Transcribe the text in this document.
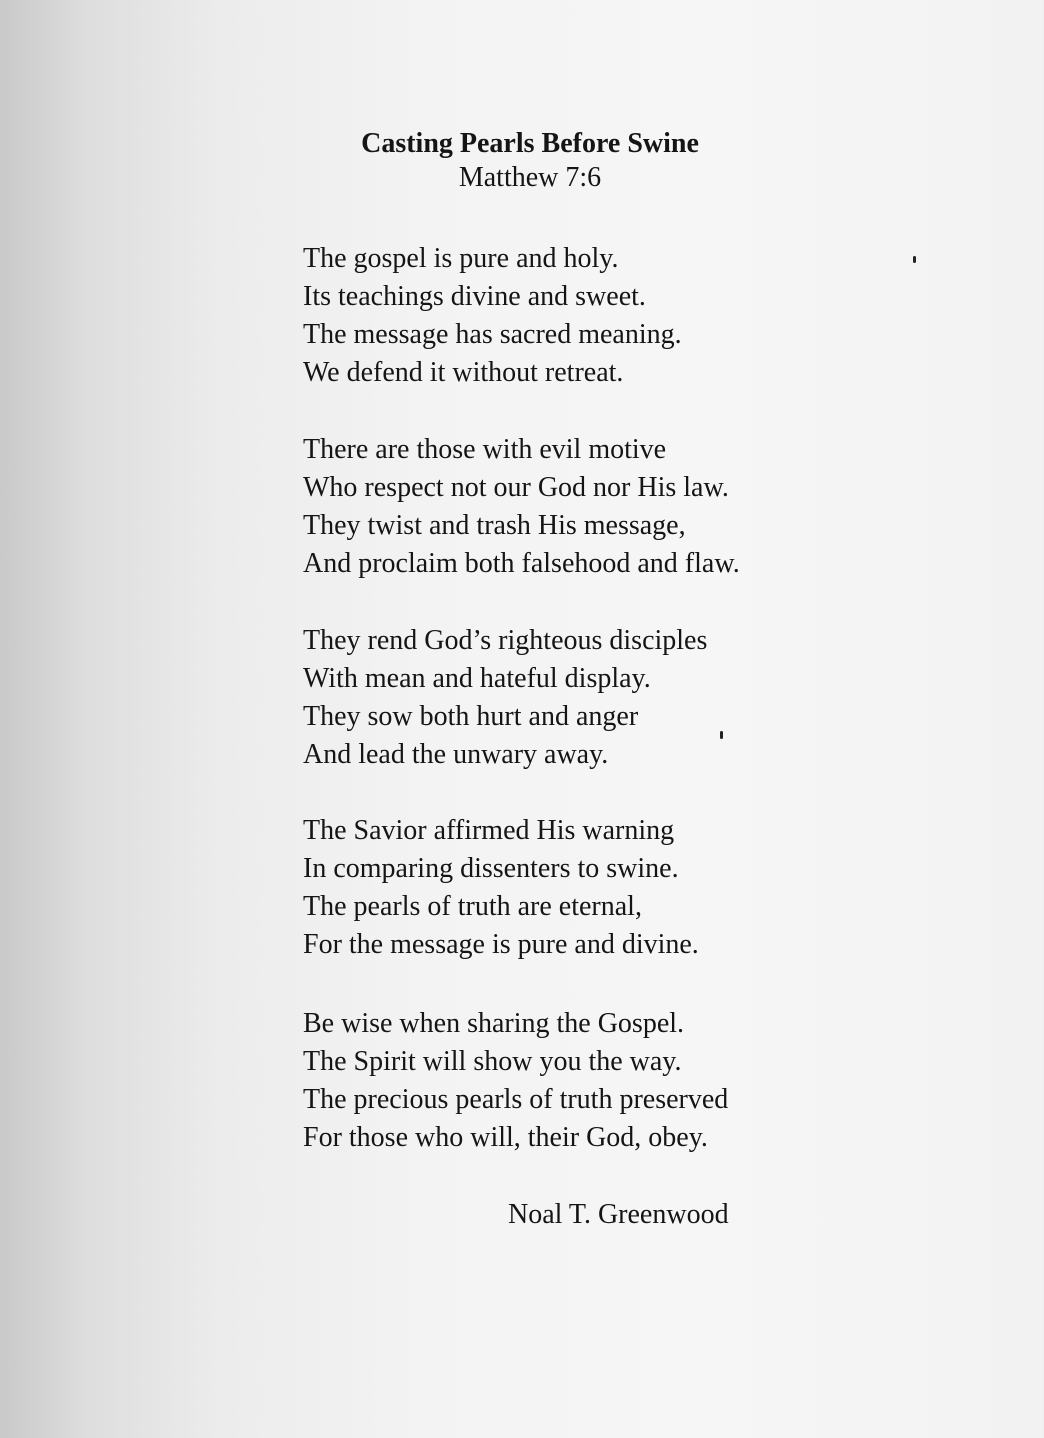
Casting Pearls Before Swine
Matthew 7:6
The gospel is pure and holy.
Its teachings divine and sweet.
The message has sacred meaning.
We defend it without retreat.
There are those with evil motive
Who respect not our God nor His law.
They twist and trash His message,
And proclaim both falsehood and flaw.
They rend God’s righteous disciples
With mean and hateful display.
They sow both hurt and anger
And lead the unwary away.
The Savior affirmed His warning
In comparing dissenters to swine.
The pearls of truth are eternal,
For the message is pure and divine.
Be wise when sharing the Gospel.
The Spirit will show you the way.
The precious pearls of truth preserved
For those who will, their God, obey.
Noal T. Greenwood
